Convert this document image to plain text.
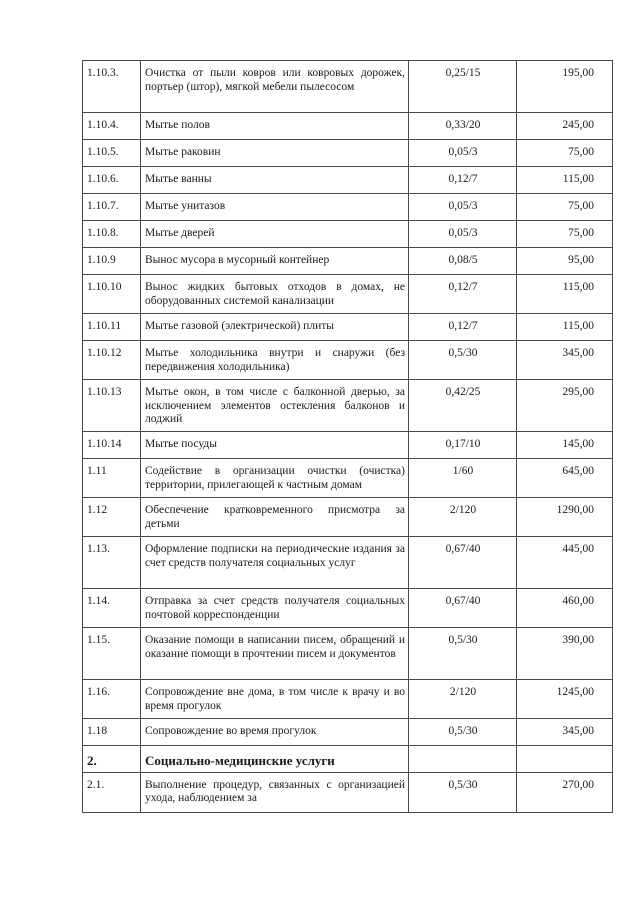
1.10.3.	Очистка от пыли ковров или ковровых дорожек, портьер (штор), мягкой мебели пылесосом	0,25/15	195,00
1.10.4.	Мытье полов	0,33/20	245,00
1.10.5.	Мытье раковин	0,05/3	75,00
1.10.6.	Мытье ванны	0,12/7	115,00
1.10.7.	Мытье унитазов	0,05/3	75,00
1.10.8.	Мытье дверей	0,05/3	75,00
1.10.9	Вынос мусора в мусорный контейнер	0,08/5	95,00
1.10.10	Вынос жидких бытовых отходов в домах, не оборудованных системой канализации	0,12/7	115,00
1.10.11	Мытье газовой (электрической) плиты	0,12/7	115,00
1.10.12	Мытье холодильника внутри и снаружи (без передвижения холодильника)	0,5/30	345,00
1.10.13	Мытье окон, в том числе с балконной дверью, за исключением элементов остекления балконов и лоджий	0,42/25	295,00
1.10.14	Мытье посуды	0,17/10	145,00
1.11	Содействие в организации очистки (очистка) территории, прилегающей к частным домам	1/60	645,00
1.12	Обеспечение кратковременного присмотра за детьми	2/120	1290,00
1.13.	Оформление подписки на периодические издания за счет средств получателя социальных услуг	0,67/40	445,00
1.14.	Отправка за счет средств получателя социальных почтовой корреспонденции	0,67/40	460,00
1.15.	Оказание помощи в написании писем, обращений и оказание помощи в прочтении писем и документов	0,5/30	390,00
1.16.	Сопровождение вне дома, в том числе к врачу и во время прогулок	2/120	1245,00
1.18	Сопровождение во время прогулок	0,5/30	345,00
2.	Социально-медицинские услуги		
2.1.	Выполнение процедур, связанных с организацией ухода, наблюдением за	0,5/30	270,00
